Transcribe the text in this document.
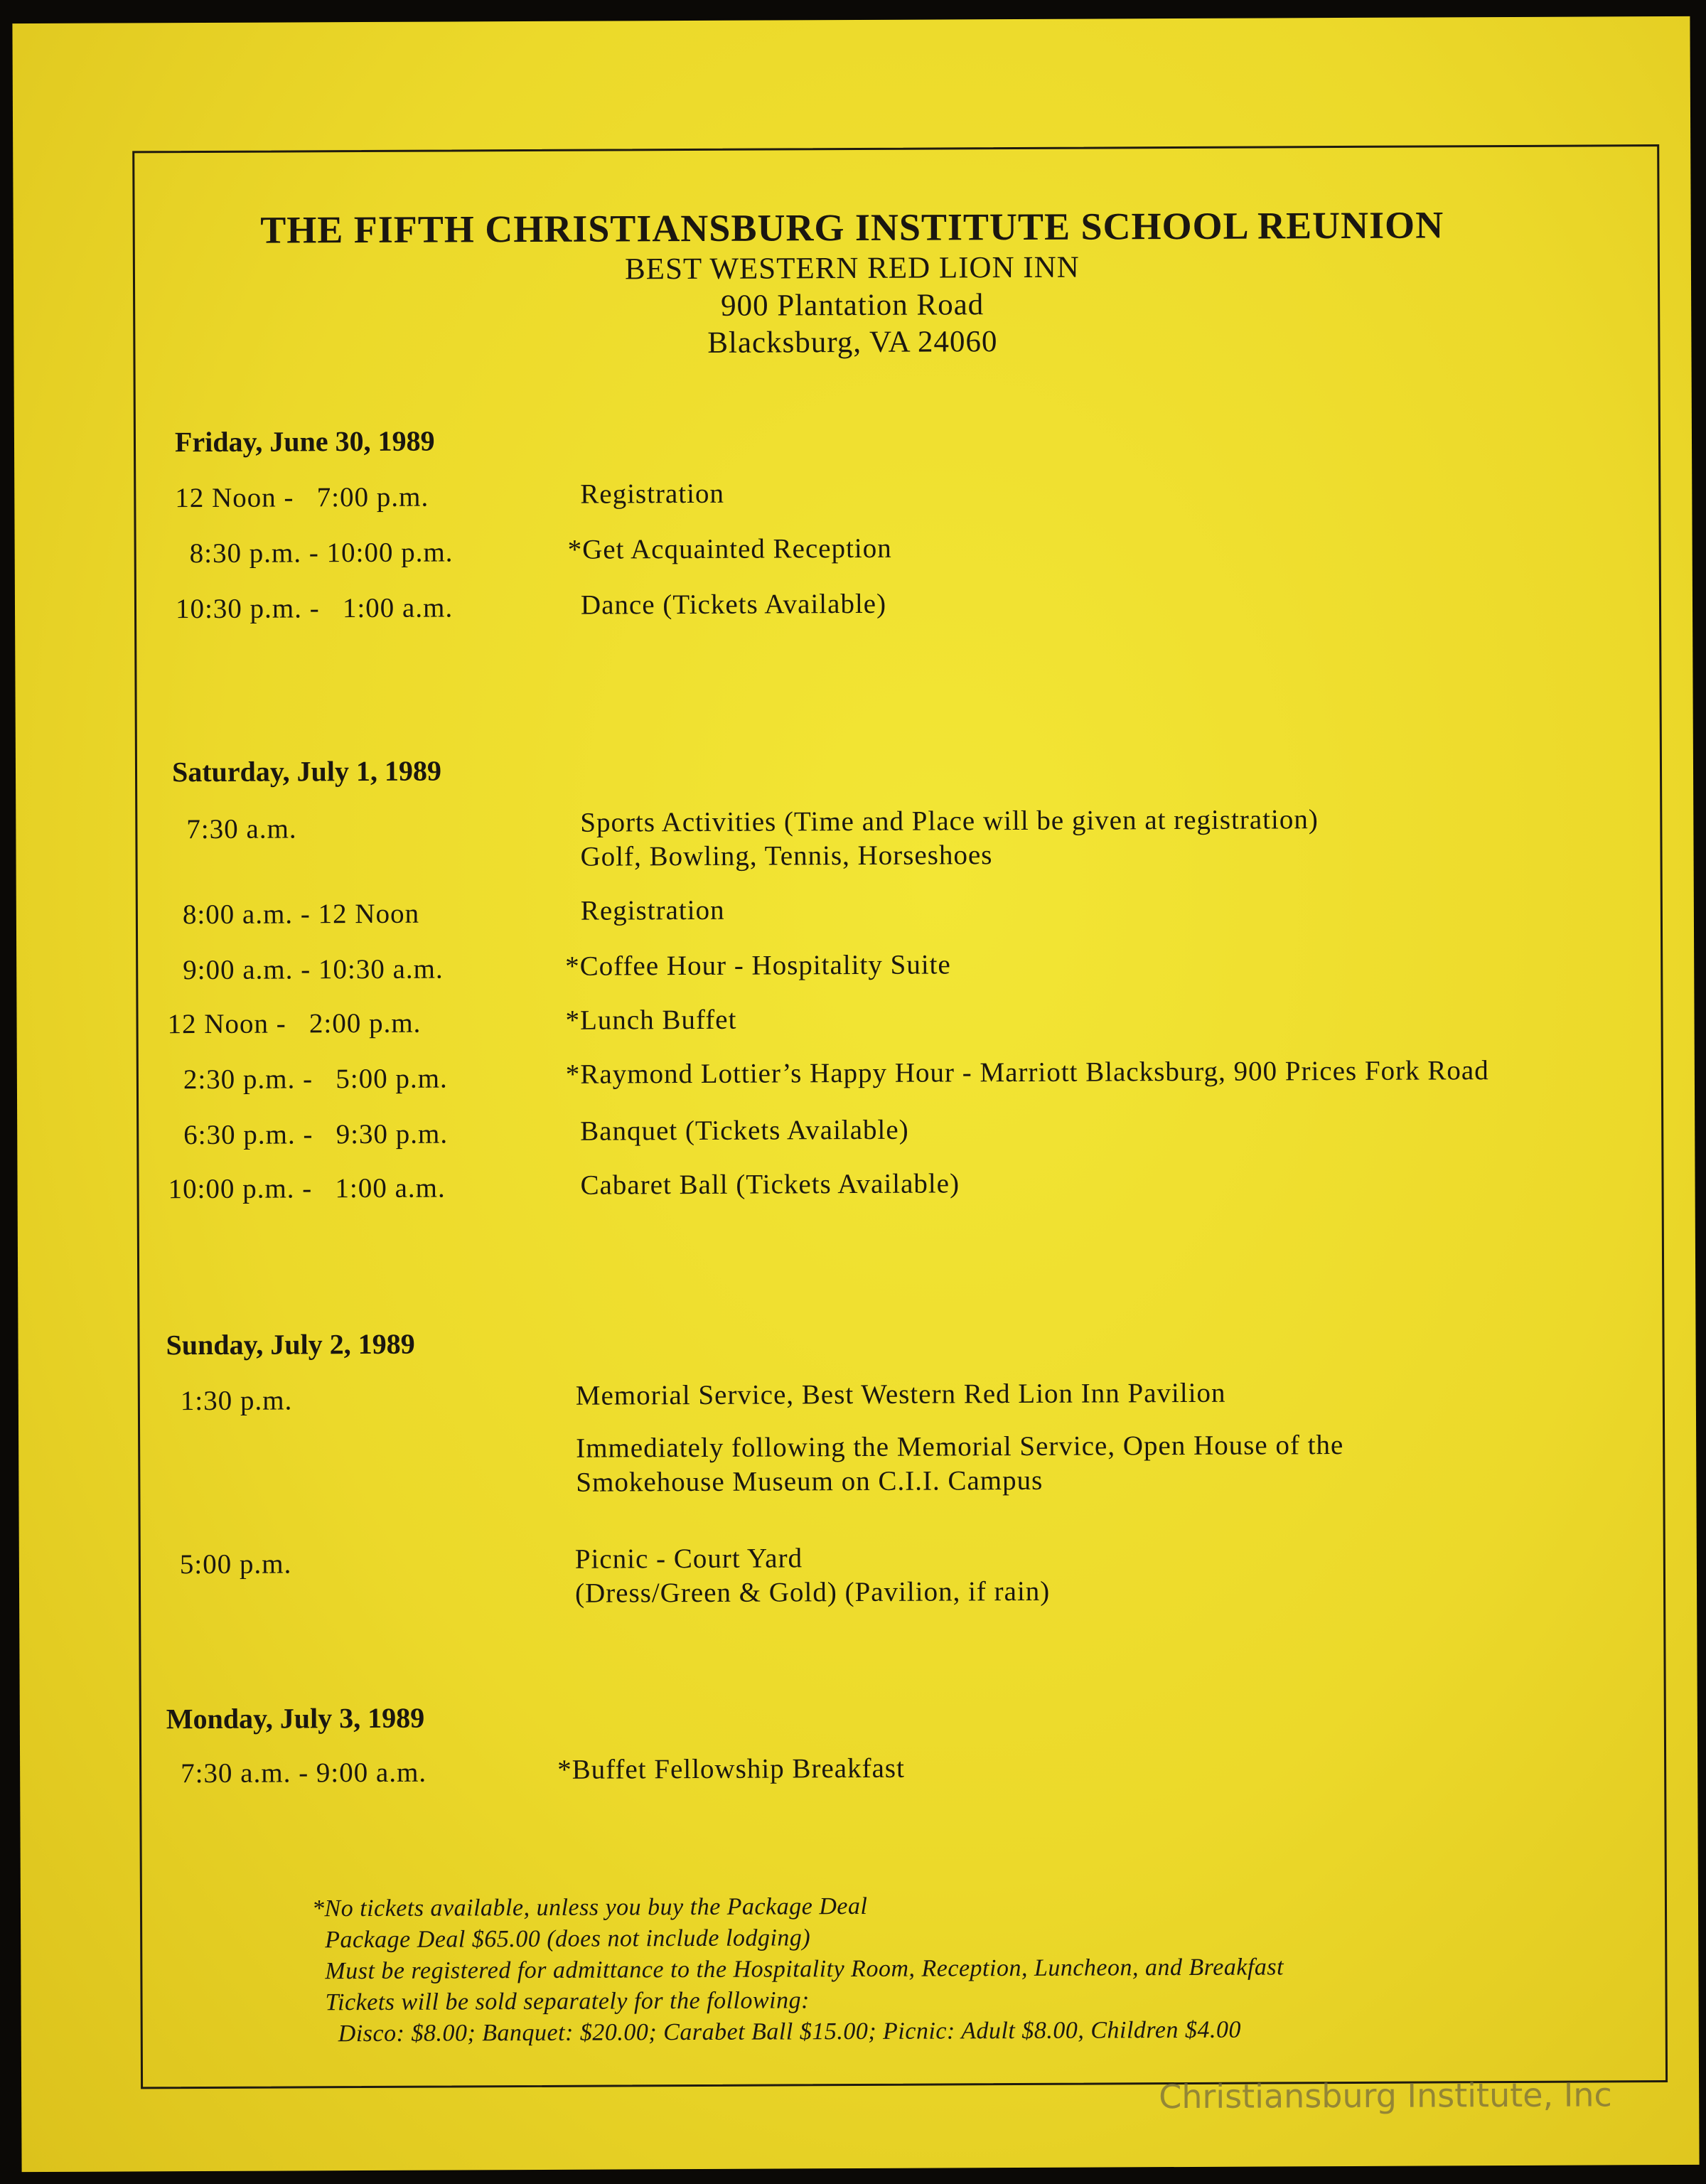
THE FIFTH CHRISTIANSBURG INSTITUTE SCHOOL REUNION
BEST WESTERN RED LION INN
900 Plantation Road
Blacksburg, VA 24060
Friday, June 30, 1989
12 Noon -   7:00 p.m.	Registration
8:30 p.m. - 10:00 p.m.	*Get Acquainted Reception
10:30 p.m. -   1:00 a.m.	Dance (Tickets Available)
Saturday, July 1, 1989
7:30 a.m.	Sports Activities (Time and Place will be given at registration)
Golf, Bowling, Tennis, Horseshoes
8:00 a.m. - 12 Noon	Registration
9:00 a.m. - 10:30 a.m.	*Coffee Hour - Hospitality Suite
12 Noon -   2:00 p.m.	*Lunch Buffet
2:30 p.m. -   5:00 p.m.	*Raymond Lottier’s Happy Hour - Marriott Blacksburg, 900 Prices Fork Road
6:30 p.m. -   9:30 p.m.	Banquet (Tickets Available)
10:00 p.m. -   1:00 a.m.	Cabaret Ball (Tickets Available)
Sunday, July 2, 1989
1:30 p.m.	Memorial Service, Best Western Red Lion Inn Pavilion
Immediately following the Memorial Service, Open House of the
Smokehouse Museum on C.I.I. Campus
5:00 p.m.	Picnic - Court Yard
(Dress/Green & Gold) (Pavilion, if rain)
Monday, July 3, 1989
7:30 a.m. - 9:00 a.m.	*Buffet Fellowship Breakfast
*No tickets available, unless you buy the Package Deal
Package Deal $65.00 (does not include lodging)
Must be registered for admittance to the Hospitality Room, Reception, Luncheon, and Breakfast
Tickets will be sold separately for the following:
Disco: $8.00; Banquet: $20.00; Carabet Ball $15.00; Picnic: Adult $8.00, Children $4.00
Christiansburg Institute, Inc
